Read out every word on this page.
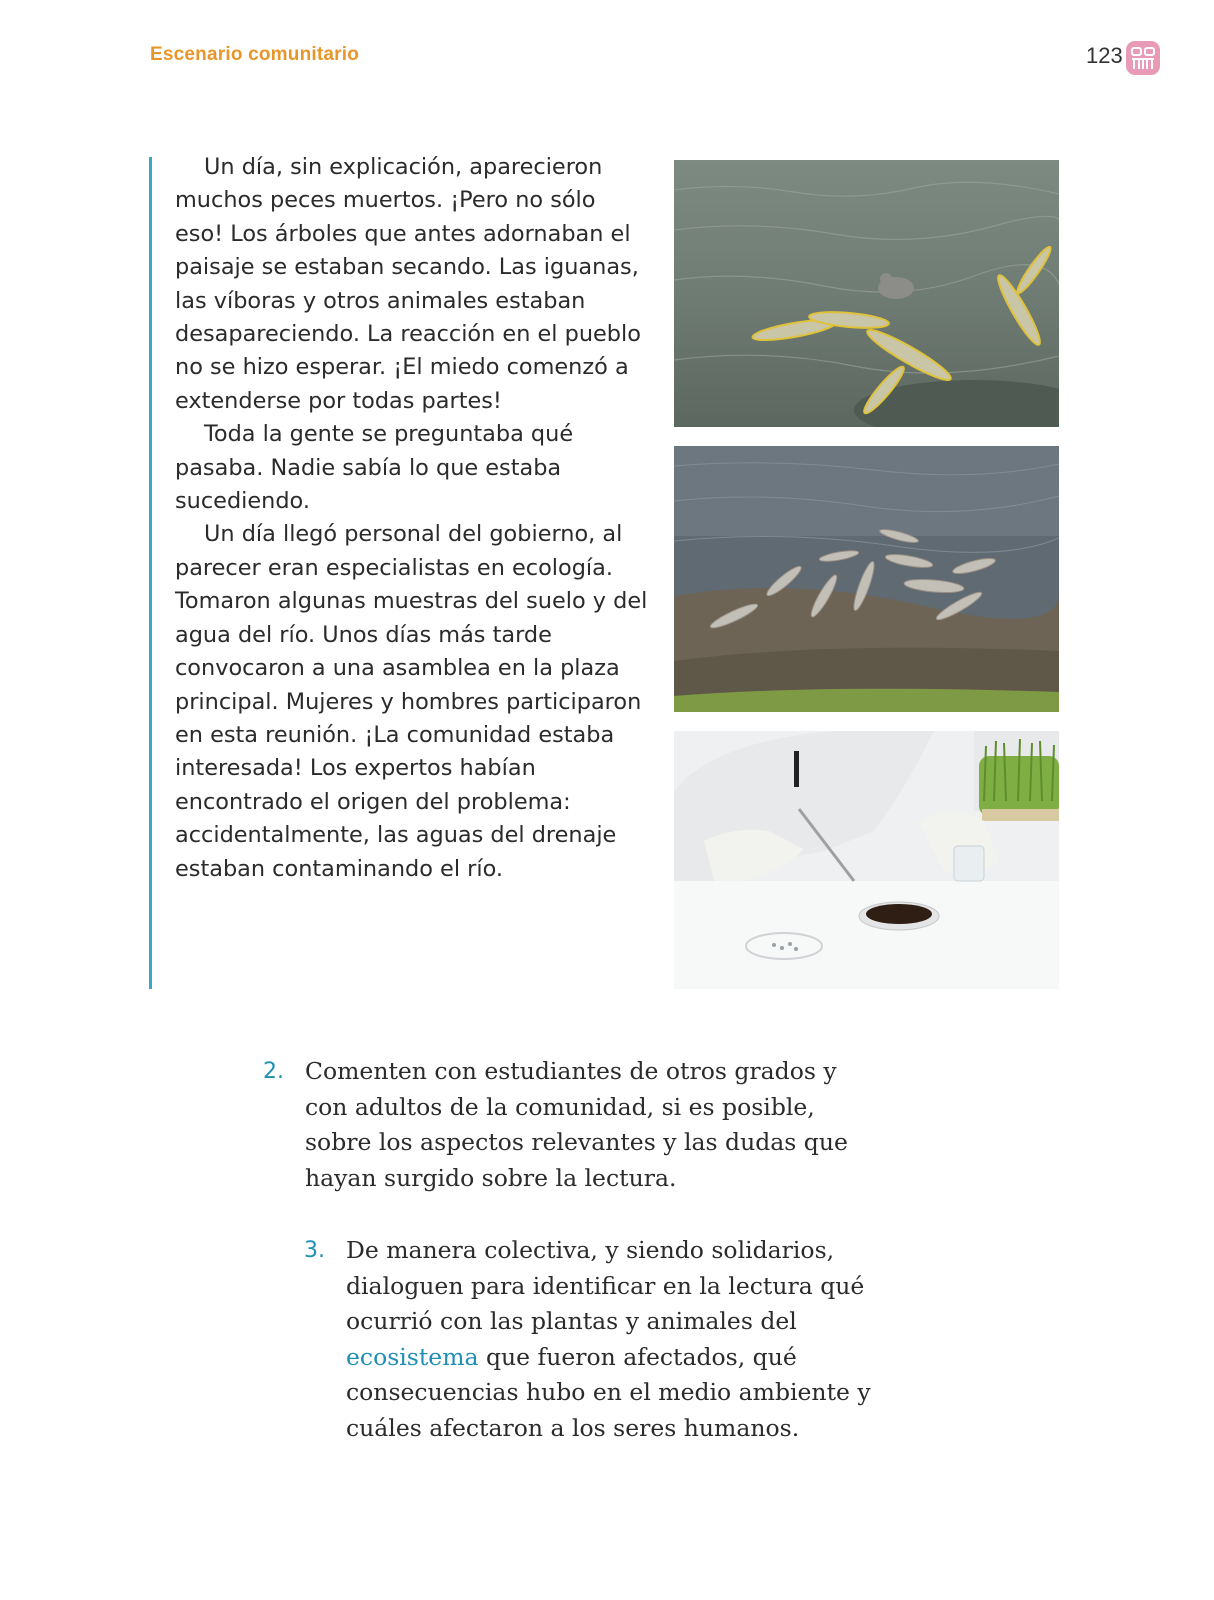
Escenario comunitario	123

Un día, sin explicación, aparecieron muchos peces muertos. ¡Pero no sólo eso! Los árboles que antes adornaban el paisaje se estaban secando. Las iguanas, las víboras y otros animales estaban desapareciendo. La reacción en el pueblo no se hizo esperar. ¡El miedo comenzó a extenderse por todas partes!

Toda la gente se preguntaba qué pasaba. Nadie sabía lo que estaba sucediendo.

Un día llegó personal del gobierno, al parecer eran especialistas en ecología. Tomaron algunas muestras del suelo y del agua del río. Unos días más tarde convocaron a una asamblea en la plaza principal. Mujeres y hombres participaron en esta reunión. ¡La comunidad estaba interesada! Los expertos habían encontrado el origen del problema: accidentalmente, las aguas del drenaje estaban contaminando el río.

2. Comenten con estudiantes de otros grados y con adultos de la comunidad, si es posible, sobre los aspectos relevantes y las dudas que hayan surgido sobre la lectura.

3. De manera colectiva, y siendo solidarios, dialoguen para identificar en la lectura qué ocurrió con las plantas y animales del ecosistema que fueron afectados, qué consecuencias hubo en el medio ambiente y cuáles afectaron a los seres humanos.
